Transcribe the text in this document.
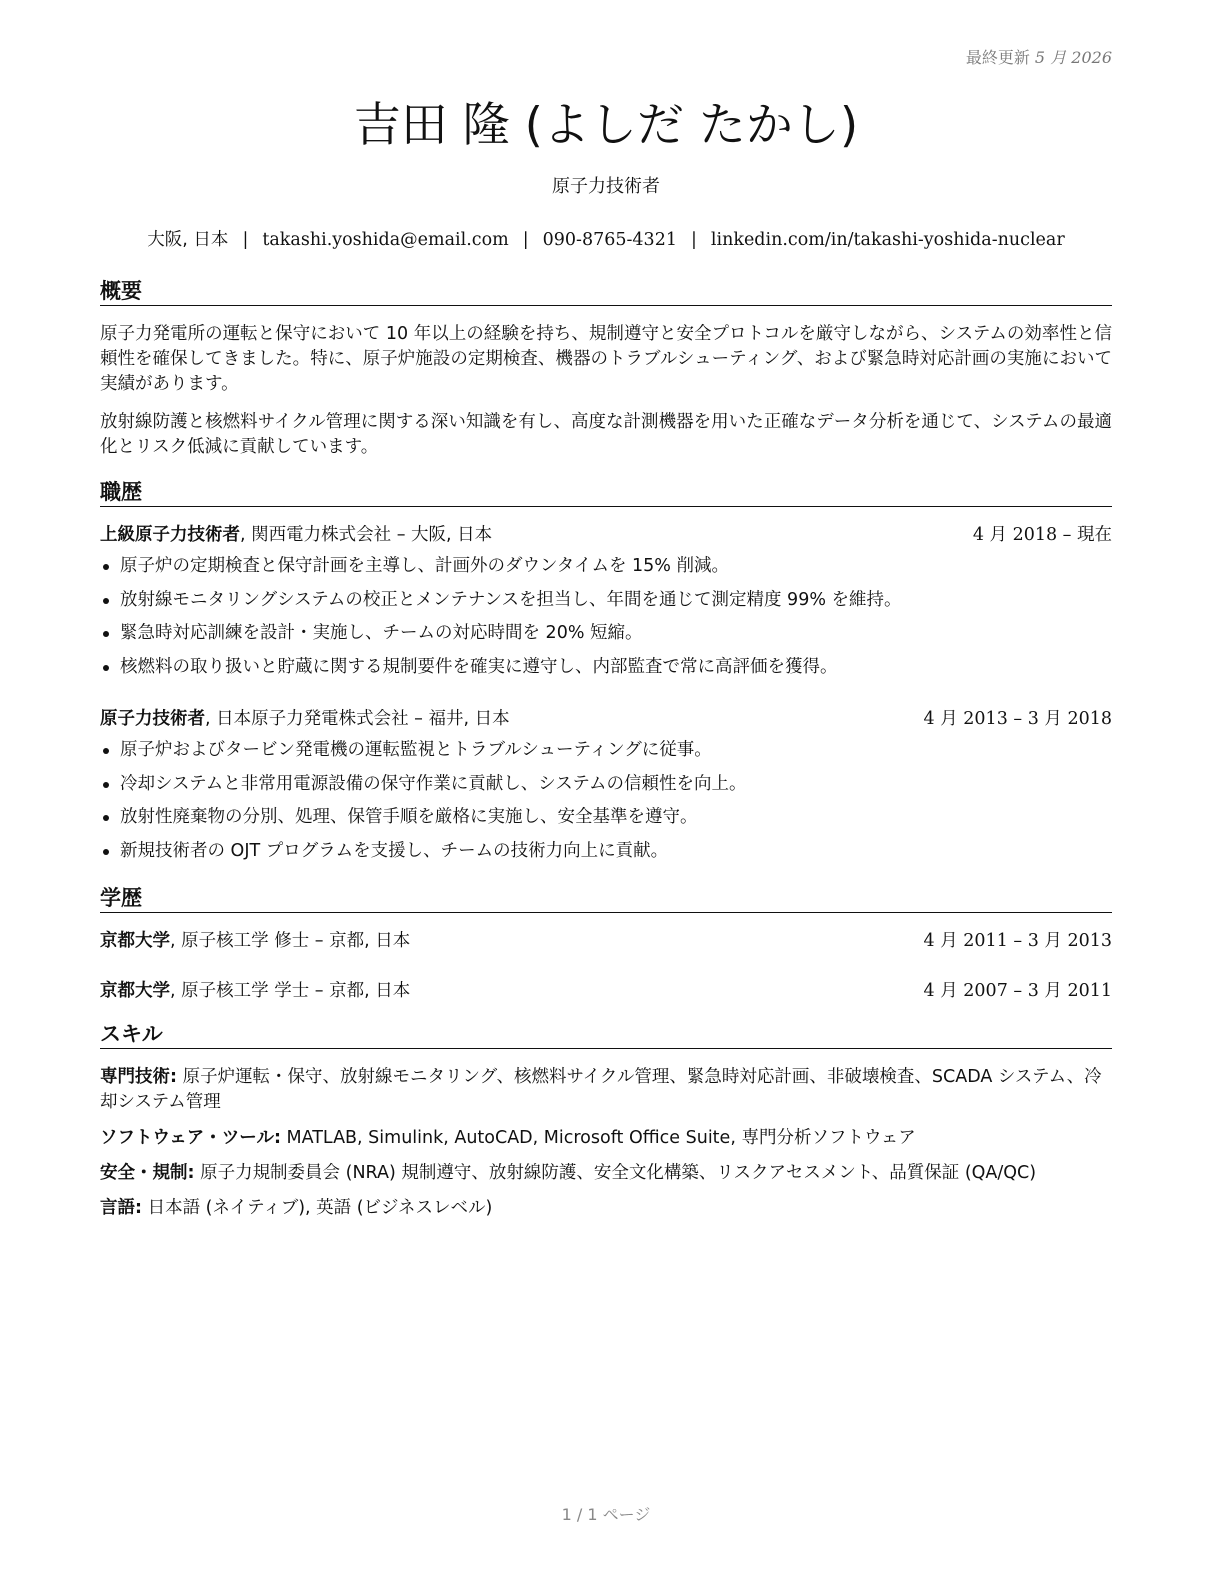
最終更新 5 月 2026
吉田 隆 (よしだ たかし)
原子力技術者
大阪, 日本 | takashi.yoshida@email.com | 090-8765-4321 | linkedin.com/in/takashi-yoshida-nuclear
概要

原子力発電所の運転と保守において 10 年以上の経験を持ち、規制遵守と安全プロトコルを厳守しながら、システムの効率性と信頼性を確保してきました。特に、原子炉施設の定期検査、機器のトラブルシューティング、および緊急時対応計画の実施において実績があります。

放射線防護と核燃料サイクル管理に関する深い知識を有し、高度な計測機器を用いた正確なデータ分析を通じて、システムの最適化とリスク低減に貢献しています。

職歴
上級原子力技術者, 関西電力株式会社 – 大阪, 日本	4 月 2018 – 現在
原子炉の定期検査と保守計画を主導し、計画外のダウンタイムを 15% 削減。
放射線モニタリングシステムの校正とメンテナンスを担当し、年間を通じて測定精度 99% を維持。
緊急時対応訓練を設計・実施し、チームの対応時間を 20% 短縮。
核燃料の取り扱いと貯蔵に関する規制要件を確実に遵守し、内部監査で常に高評価を獲得。
原子力技術者, 日本原子力発電株式会社 – 福井, 日本	4 月 2013 – 3 月 2018
原子炉およびタービン発電機の運転監視とトラブルシューティングに従事。
冷却システムと非常用電源設備の保守作業に貢献し、システムの信頼性を向上。
放射性廃棄物の分別、処理、保管手順を厳格に実施し、安全基準を遵守。
新規技術者の OJT プログラムを支援し、チームの技術力向上に貢献。
学歴
京都大学, 原子核工学 修士 – 京都, 日本	4 月 2011 – 3 月 2013
京都大学, 原子核工学 学士 – 京都, 日本	4 月 2007 – 3 月 2011
スキル

専門技術: 原子炉運転・保守、放射線モニタリング、核燃料サイクル管理、緊急時対応計画、非破壊検査、SCADA システム、冷却システム管理

ソフトウェア・ツール: MATLAB, Simulink, AutoCAD, Microsoft Office Suite, 専門分析ソフトウェア

安全・規制: 原子力規制委員会 (NRA) 規制遵守、放射線防護、安全文化構築、リスクアセスメント、品質保証 (QA/QC)

言語: 日本語 (ネイティブ), 英語 (ビジネスレベル)

1 / 1 ページ
